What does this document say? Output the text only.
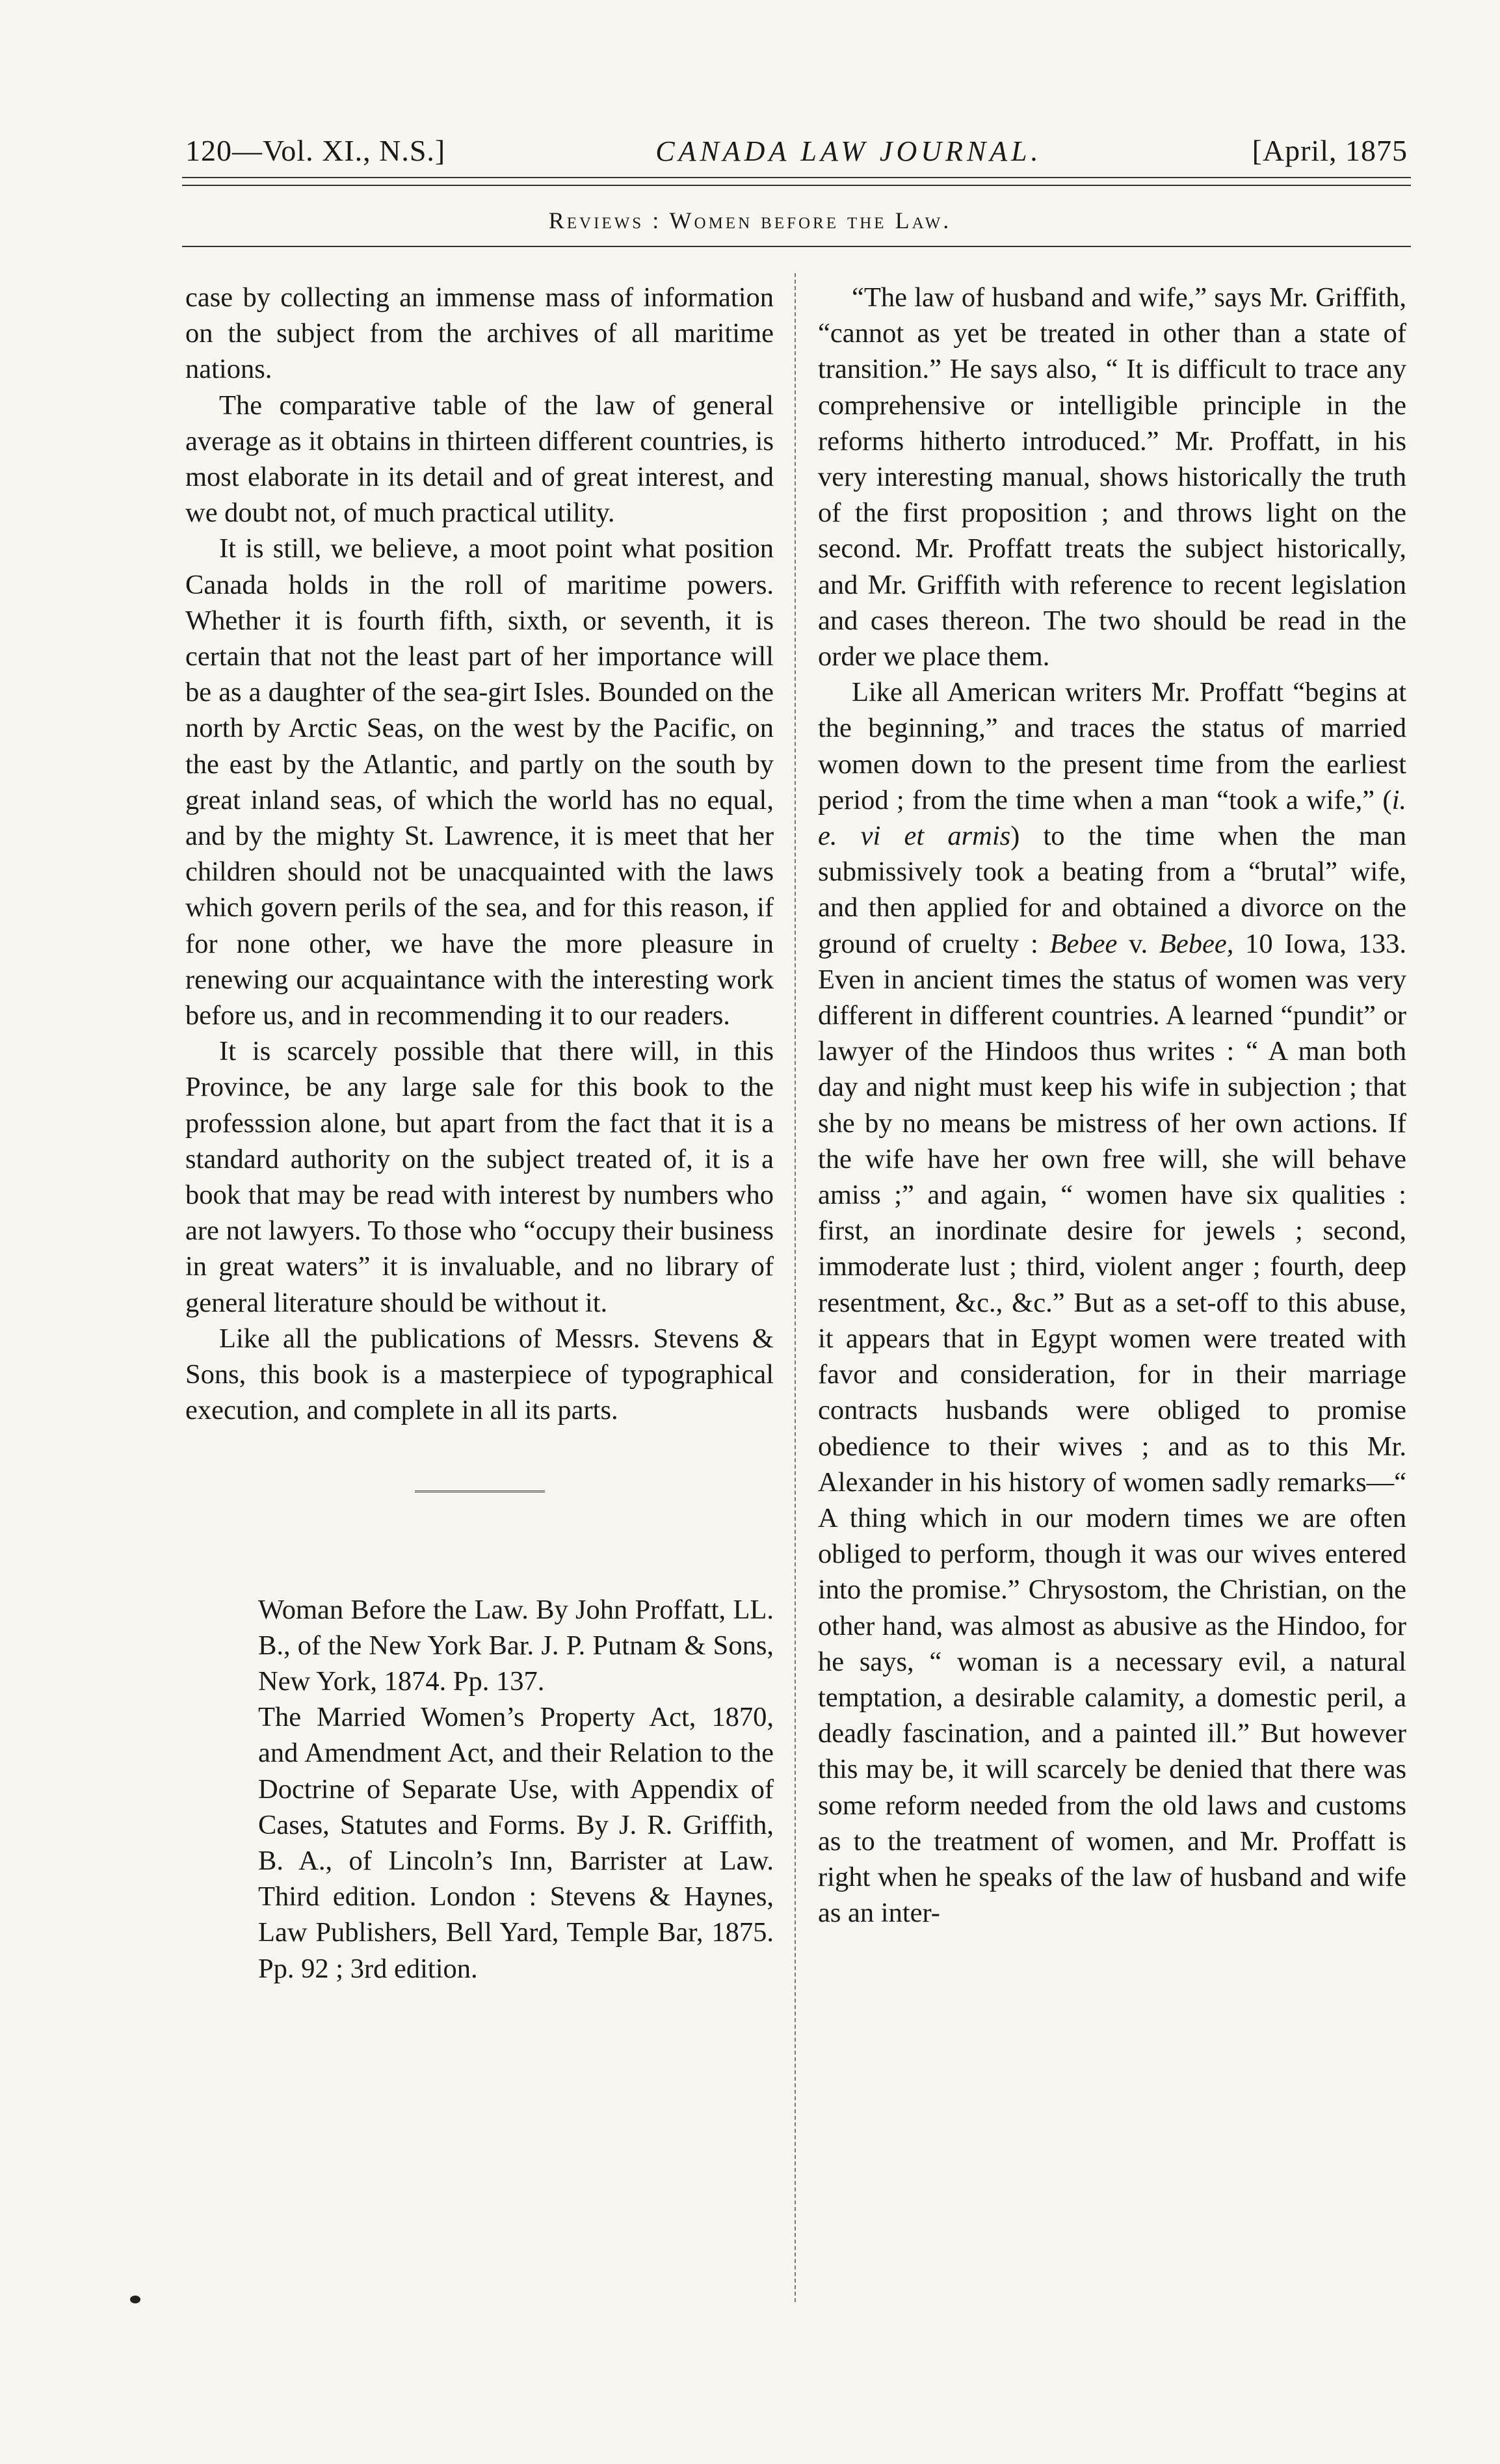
120—Vol. XI., N.S.]	CANADA LAW JOURNAL.	[April, 1875
Reviews : Women before the Law.

case by collecting an immense mass of information on the subject from the archives of all maritime nations.

The comparative table of the law of general average as it obtains in thirteen different countries, is most elaborate in its detail and of great interest, and we doubt not, of much practical utility.

It is still, we believe, a moot point what position Canada holds in the roll of maritime powers. Whether it is fourth fifth, sixth, or seventh, it is certain that not the least part of her importance will be as a daughter of the sea-girt Isles. Bounded on the north by Arctic Seas, on the west by the Pacific, on the east by the Atlantic, and partly on the south by great inland seas, of which the world has no equal, and by the mighty St. Lawrence, it is meet that her children should not be unacquainted with the laws which govern perils of the sea, and for this reason, if for none other, we have the more pleasure in renewing our acquaintance with the interesting work before us, and in recommending it to our readers.

It is scarcely possible that there will, in this Province, be any large sale for this book to the professsion alone, but apart from the fact that it is a standard authority on the subject treated of, it is a book that may be read with interest by numbers who are not lawyers. To those who “occupy their business in great waters” it is invaluable, and no library of general literature should be without it.

Like all the publications of Messrs. Stevens & Sons, this book is a masterpiece of typographical execution, and complete in all its parts.

Woman Before the Law. By John Proffatt, LL. B., of the New York Bar. J. P. Putnam & Sons, New York, 1874. Pp. 137.

The Married Women’s Property Act, 1870, and Amendment Act, and their Relation to the Doctrine of Separate Use, with Appendix of Cases, Statutes and Forms. By J. R. Griffith, B. A., of Lincoln’s Inn, Barrister at Law. Third edition. London : Stevens & Haynes, Law Publishers, Bell Yard, Temple Bar, 1875. Pp. 92 ; 3rd edition.

“The law of husband and wife,” says Mr. Griffith, “cannot as yet be treated in other than a state of transition.” He says also, “ It is difficult to trace any comprehensive or intelligible principle in the reforms hitherto introduced.” Mr. Proffatt, in his very interesting manual, shows historically the truth of the first proposition ; and throws light on the second. Mr. Proffatt treats the subject historically, and Mr. Griffith with reference to recent legislation and cases thereon. The two should be read in the order we place them.

Like all American writers Mr. Proffatt “begins at the beginning,” and traces the status of married women down to the present time from the earliest period ; from the time when a man “took a wife,” (i. e. vi et armis) to the time when the man submissively took a beating from a “brutal” wife, and then applied for and obtained a divorce on the ground of cruelty : Bebee v. Bebee, 10 Iowa, 133. Even in ancient times the status of women was very different in different countries. A learned “pundit” or lawyer of the Hindoos thus writes : “ A man both day and night must keep his wife in subjection ; that she by no means be mistress of her own actions. If the wife have her own free will, she will behave amiss ;” and again, “ women have six qualities : first, an inordinate desire for jewels ; second, immoderate lust ; third, violent anger ; fourth, deep resentment, &c., &c.” But as a set-off to this abuse, it appears that in Egypt women were treated with favor and consideration, for in their marriage contracts husbands were obliged to promise obedience to their wives ; and as to this Mr. Alexander in his history of women sadly remarks—“ A thing which in our modern times we are often obliged to perform, though it was our wives entered into the promise.” Chrysostom, the Christian, on the other hand, was almost as abusive as the Hindoo, for he says, “ woman is a necessary evil, a natural temptation, a desirable calamity, a domestic peril, a deadly fascination, and a painted ill.” But however this may be, it will scarcely be denied that there was some reform needed from the old laws and customs as to the treatment of women, and Mr. Proffatt is right when he speaks of the law of husband and wife as an inter-
